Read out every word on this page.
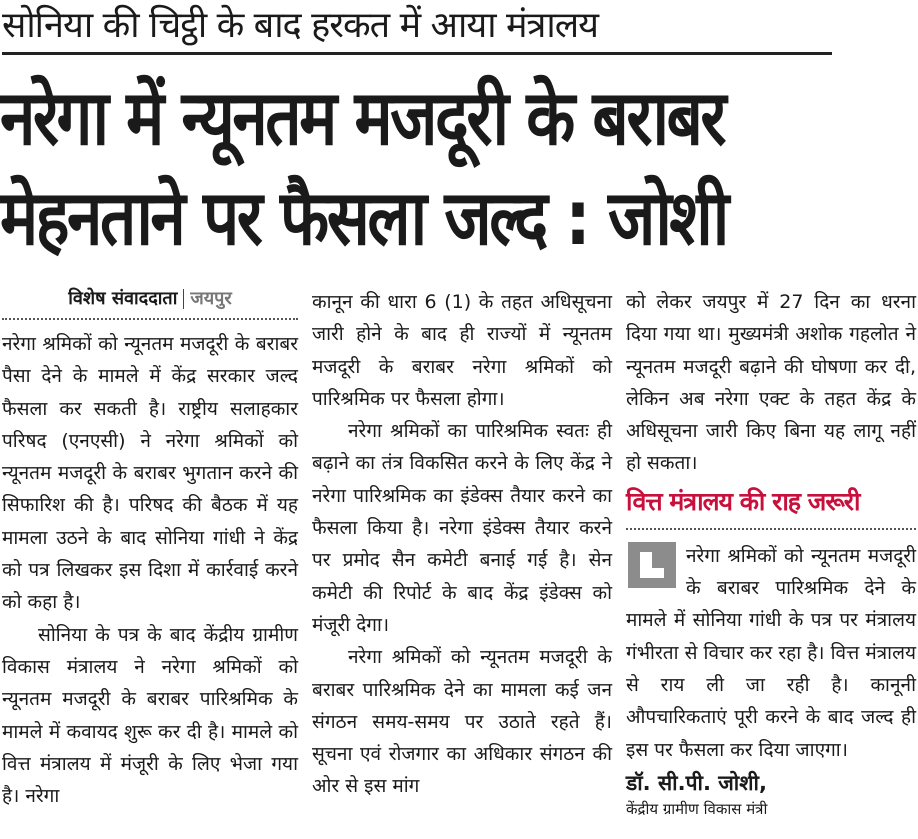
सोनिया की चिट्ठी के बाद हरकत में आया मंत्रालय
नरेगा में न्यूनतम मजदूरी के बराबर
मेहनताने पर फैसला जल्द : जोशी
विशेष संवाददाता जयपुर

नरेगा श्रमिकों को न्यूनतम मजदूरी के बराबर पैसा देने के मामले में केंद्र सरकार जल्द फैसला कर सकती है। राष्ट्रीय सलाहकार परिषद (एनएसी) ने नरेगा श्रमिकों को न्यूनतम मजदूरी के बराबर भुगतान करने की सिफारिश की है। परिषद की बैठक में यह मामला उठने के बाद सोनिया गांधी ने केंद्र को पत्र लिखकर इस दिशा में कार्रवाई करने को कहा है।

सोनिया के पत्र के बाद केंद्रीय ग्रामीण विकास मंत्रालय ने नरेगा श्रमिकों को न्यूनतम मजदूरी के बराबर पारिश्रमिक के मामले में कवायद शुरू कर दी है। मामले को वित्त मंत्रालय में मंजूरी के लिए भेजा गया है। नरेगा

कानून की धारा 6 (1) के तहत अधिसूचना जारी होने के बाद ही राज्यों में न्यूनतम मजदूरी के बराबर नरेगा श्रमिकों को पारिश्रमिक पर फैसला होगा।

नरेगा श्रमिकों का पारिश्रमिक स्वतः ही बढ़ाने का तंत्र विकसित करने के लिए केंद्र ने नरेगा पारिश्रमिक का इंडेक्स तैयार करने का फैसला किया है। नरेगा इंडेक्स तैयार करने पर प्रमोद सैन कमेटी बनाई गई है। सेन कमेटी की रिपोर्ट के बाद केंद्र इंडेक्स को मंजूरी देगा।

नरेगा श्रमिकों को न्यूनतम मजदूरी के बराबर पारिश्रमिक देने का मामला कई जन संगठन समय-समय पर उठाते रहते हैं। सूचना एवं रोजगार का अधिकार संगठन की ओर से इस मांग

को लेकर जयपुर में 27 दिन का धरना दिया गया था। मुख्यमंत्री अशोक गहलोत ने न्यूनतम मजदूरी बढ़ाने की घोषणा कर दी, लेकिन अब नरेगा एक्ट के तहत केंद्र के अधिसूचना जारी किए बिना यह लागू नहीं हो सकता।

वित्त मंत्रालय की राह जरूरी

नरेगा श्रमिकों को न्यूनतम मजदूरी के बराबर पारिश्रमिक देने के मामले में सोनिया गांधी के पत्र पर मंत्रालय गंभीरता से विचार कर रहा है। वित्त मंत्रालय से राय ली जा रही है। कानूनी औपचारिकताएं पूरी करने के बाद जल्द ही इस पर फैसला कर दिया जाएगा।

डॉ. सी.पी. जोशी,
केंद्रीय ग्रामीण विकास मंत्री
